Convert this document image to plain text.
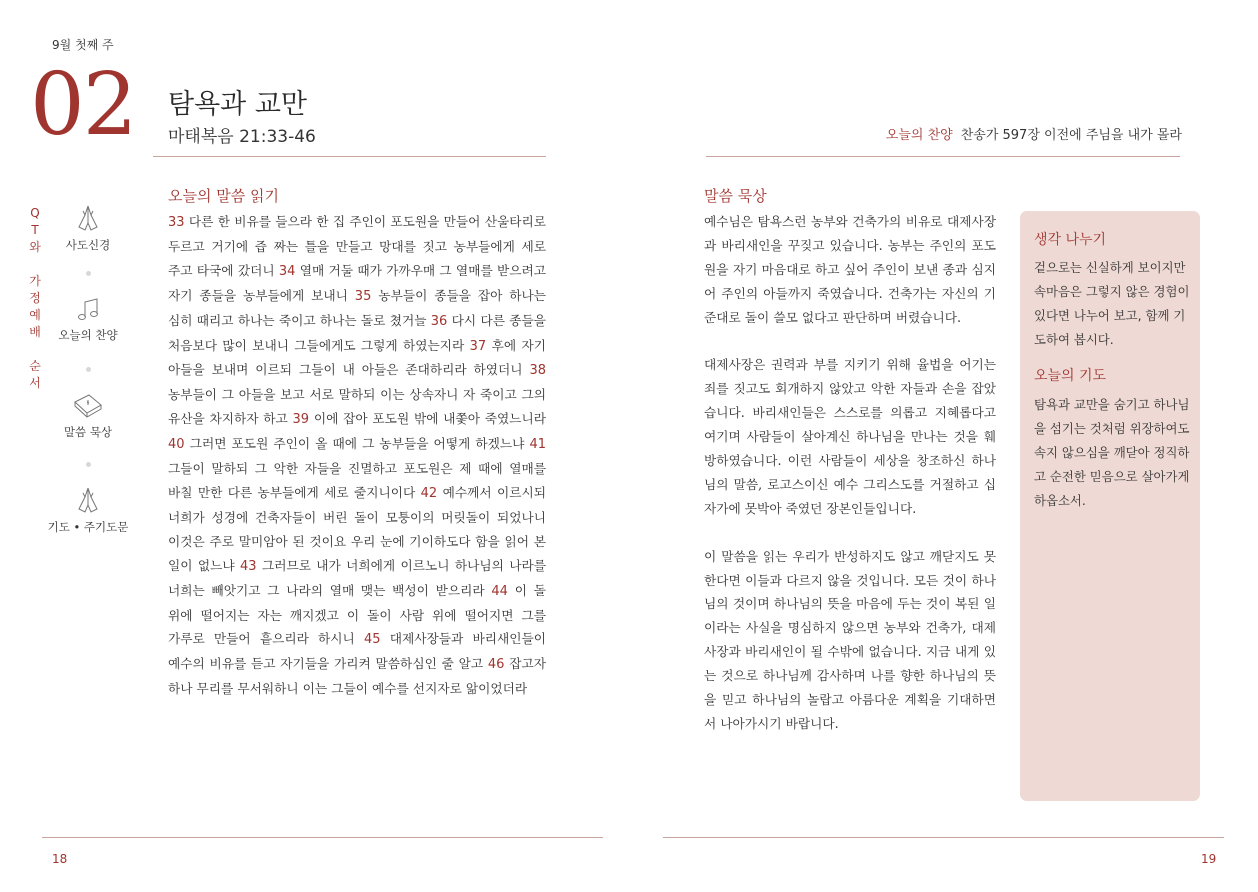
9월 첫째 주
02 탐욕과 교만
마태복음 21:33-46	오늘의 찬양 찬송가 597장 이전에 주님을 내가 몰라
Q
T
와
가
정
예
배
순
서
사도신경
오늘의 찬양
말씀 묵상
기도 • 주기도문
오늘의 말씀 읽기
33 다른 한 비유를 들으라 한 집 주인이 포도원을 만들어 산울타리로 두르고 거기에 즙 짜는 틀을 만들고 망대를 짓고 농부들에게 세로 주고 타국에 갔더니 34 열매 거둘 때가 가까우매 그 열매를 받으려고 자기 종들을 농부들에게 보내니 35 농부들이 종들을 잡아 하나는 심히 때리고 하나는 죽이고 하나는 돌로 쳤거늘 36 다시 다른 종들을 처음보다 많이 보내니 그들에게도 그렇게 하였는지라 37 후에 자기 아들을 보내며 이르되 그들이 내 아들은 존대하리라 하였더니 38 농부들이 그 아들을 보고 서로 말하되 이는 상속자니 자 죽이고 그의 유산을 차지하자 하고 39 이에 잡아 포도원 밖에 내쫓아 죽였느니라 40 그러면 포도원 주인이 올 때에 그 농부들을 어떻게 하겠느냐 41 그들이 말하되 그 악한 자들을 진멸하고 포도원은 제 때에 열매를 바칠 만한 다른 농부들에게 세로 줄지니이다 42 예수께서 이르시되 너희가 성경에 건축자들이 버린 돌이 모퉁이의 머릿돌이 되었나니 이것은 주로 말미암아 된 것이요 우리 눈에 기이하도다 함을 읽어 본 일이 없느냐 43 그러므로 내가 너희에게 이르노니 하나님의 나라를 너희는 빼앗기고 그 나라의 열매 맺는 백성이 받으리라 44 이 돌 위에 떨어지는 자는 깨지겠고 이 돌이 사람 위에 떨어지면 그를 가루로 만들어 흩으리라 하시니 45 대제사장들과 바리새인들이 예수의 비유를 듣고 자기들을 가리켜 말씀하심인 줄 알고 46 잡고자 하나 무리를 무서워하니 이는 그들이 예수를 선지자로 앎이었더라
말씀 묵상

예수님은 탐욕스런 농부와 건축가의 비유로 대제사장과 바리새인을 꾸짖고 있습니다. 농부는 주인의 포도원을 자기 마음대로 하고 싶어 주인이 보낸 종과 심지어 주인의 아들까지 죽였습니다. 건축가는 자신의 기준대로 돌이 쓸모 없다고 판단하며 버렸습니다.

대제사장은 권력과 부를 지키기 위해 율법을 어기는 죄를 짓고도 회개하지 않았고 악한 자들과 손을 잡았습니다. 바리새인들은 스스로를 의롭고 지혜롭다고 여기며 사람들이 살아계신 하나님을 만나는 것을 훼방하였습니다. 이런 사람들이 세상을 창조하신 하나님의 말씀, 로고스이신 예수 그리스도를 거절하고 십자가에 못박아 죽였던 장본인들입니다.

이 말씀을 읽는 우리가 반성하지도 않고 깨닫지도 못한다면 이들과 다르지 않을 것입니다. 모든 것이 하나님의 것이며 하나님의 뜻을 마음에 두는 것이 복된 일이라는 사실을 명심하지 않으면 농부와 건축가, 대제사장과 바리새인이 될 수밖에 없습니다. 지금 내게 있는 것으로 하나님께 감사하며 나를 향한 하나님의 뜻을 믿고 하나님의 놀랍고 아름다운 계획을 기대하면서 나아가시기 바랍니다.

생각 나누기
겉으로는 신실하게 보이지만 속마음은 그렇지 않은 경험이 있다면 나누어 보고, 함께 기도하여 봅시다.
오늘의 기도
탐욕과 교만을 숨기고 하나님을 섬기는 것처럼 위장하여도 속지 않으심을 깨닫아 정직하고 순전한 믿음으로 살아가게 하옵소서.
18	19
